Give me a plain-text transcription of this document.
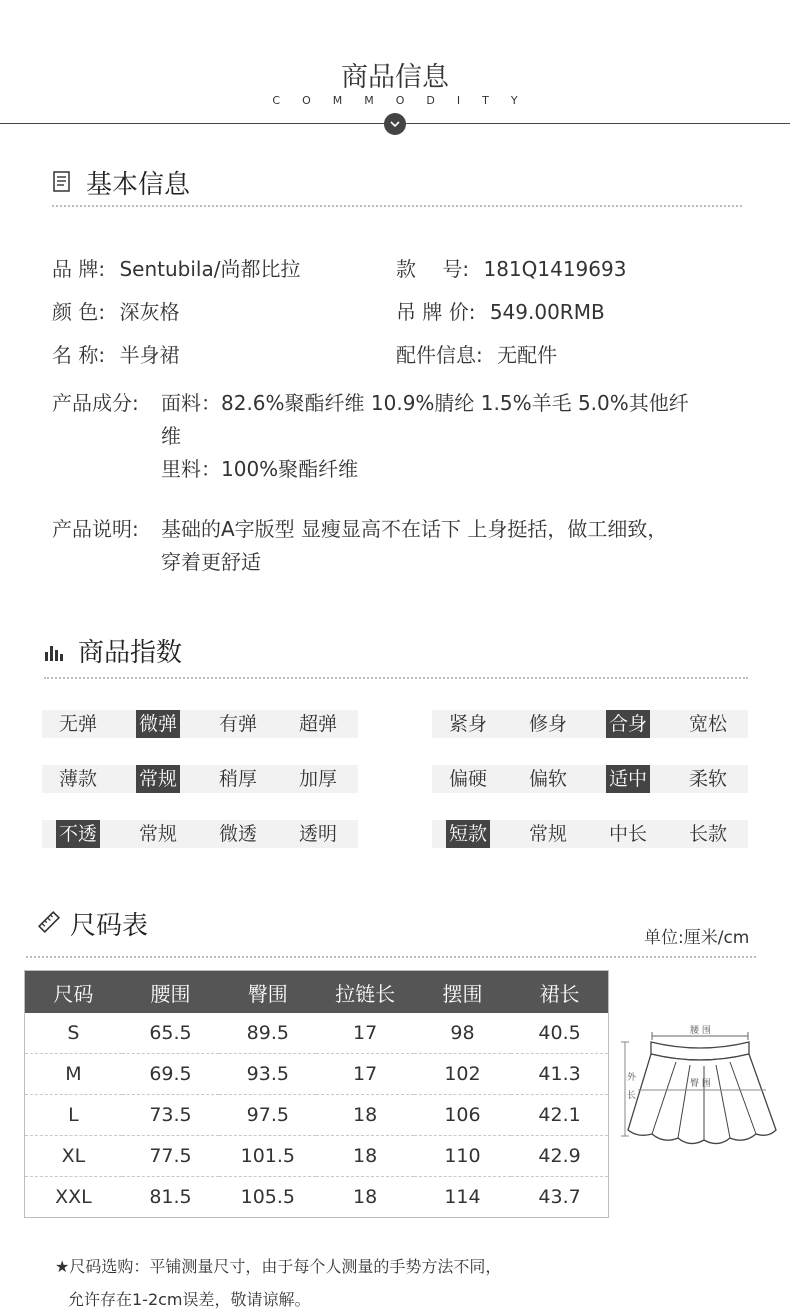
商品信息
COMMODITY
基本信息
品 牌: Sentubila/尚都比拉	款　 号: 181Q1419693
颜 色: 深灰格	吊 牌 价: 549.00RMB
名 称: 半身裙	配件信息: 无配件
产品成分: 面料：82.6%聚酯纤维 10.9%腈纶 1.5%羊毛 5.0%其他纤
维
里料：100%聚酯纤维
产品说明: 基础的A字版型 显瘦显高不在话下 上身挺括，做工细致，
穿着更舒适
商品指数
无弹 微弹 有弹 超弹	紧身 修身 合身 宽松
薄款 常规 稍厚 加厚	偏硬 偏软 适中 柔软
不透 常规 微透 透明	短款 常规 中长 长款
尺码表	单位:厘米/cm
尺码	腰围	臀围	拉链长	摆围	裙长
S	65.5	89.5	17	98	40.5
M	69.5	93.5	17	102	41.3
L	73.5	97.5	18	106	42.1
XL	77.5	101.5	18	110	42.9
XXL	81.5	105.5	18	114	43.7
腰 围
臀 围
外
长
★尺码选购：平铺测量尺寸，由于每个人测量的手势方法不同，
允许存在1-2cm误差，敬请谅解。
